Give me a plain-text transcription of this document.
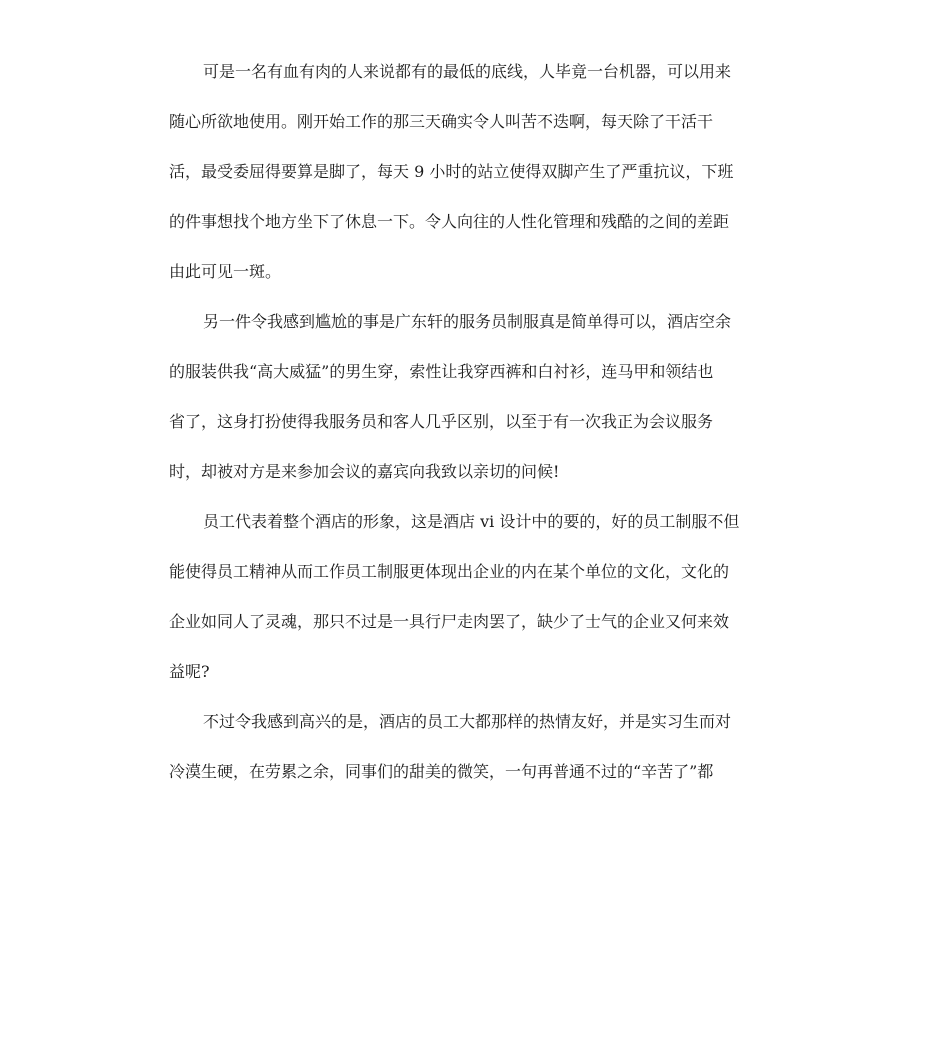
可是一名有血有肉的人来说都有的最低的底线，人毕竟一台机器，可以用来
随心所欲地使用。刚开始工作的那三天确实令人叫苦不迭啊，每天除了干活干
活，最受委屈得要算是脚了，每天 9 小时的站立使得双脚产生了严重抗议，下班
的件事想找个地方坐下了休息一下。令人向往的人性化管理和残酷的之间的差距
由此可见一斑。
另一件令我感到尴尬的事是广东轩的服务员制服真是简单得可以，酒店空余
的服装供我“高大威猛”的男生穿，索性让我穿西裤和白衬衫，连马甲和领结也
省了，这身打扮使得我服务员和客人几乎区别，以至于有一次我正为会议服务
时，却被对方是来参加会议的嘉宾向我致以亲切的问候!
员工代表着整个酒店的形象，这是酒店 vi 设计中的要的，好的员工制服不但
能使得员工精神从而工作员工制服更体现出企业的内在某个单位的文化，文化的
企业如同人了灵魂，那只不过是一具行尸走肉罢了，缺少了士气的企业又何来效
益呢?
不过令我感到高兴的是，酒店的员工大都那样的热情友好，并是实习生而对
冷漠生硬，在劳累之余，同事们的甜美的微笑，一句再普通不过的“辛苦了”都
